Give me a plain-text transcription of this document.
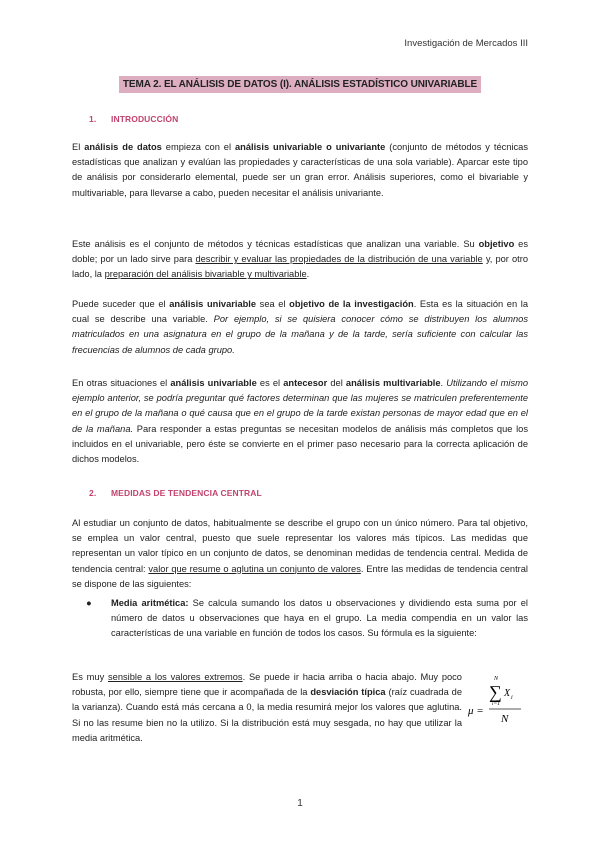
Investigación de Mercados III
TEMA 2. EL ANÁLISIS DE DATOS (I). ANÁLISIS ESTADÍSTICO UNIVARIABLE
1. INTRODUCCIÓN
El análisis de datos empieza con el análisis univariable o univariante (conjunto de métodos y técnicas estadísticas que analizan y evalúan las propiedades y características de una sola variable). Aparcar este tipo de análisis por considerarlo elemental, puede ser un gran error. Análisis superiores, como el bivariable y multivariable, para llevarse a cabo, pueden necesitar el análisis univariante.
Este análisis es el conjunto de métodos y técnicas estadísticas que analizan una variable. Su objetivo es doble; por un lado sirve para describir y evaluar las propiedades de la distribución de una variable y, por otro lado, la preparación del análisis bivariable y multivariable.
Puede suceder que el análisis univariable sea el objetivo de la investigación. Esta es la situación en la cual se describe una variable. Por ejemplo, si se quisiera conocer cómo se distribuyen los alumnos matriculados en una asignatura en el grupo de la mañana y de la tarde, sería suficiente con calcular las frecuencias de alumnos de cada grupo.
En otras situaciones el análisis univariable es el antecesor del análisis multivariable. Utilizando el mismo ejemplo anterior, se podría preguntar qué factores determinan que las mujeres se matriculen preferentemente en el grupo de la mañana o qué causa que en el grupo de la tarde existan personas de mayor edad que en el de la mañana. Para responder a estas preguntas se necesitan modelos de análisis más completos que los incluidos en el univariable, pero éste se convierte en el primer paso necesario para la correcta aplicación de dichos modelos.
2. MEDIDAS DE TENDENCIA CENTRAL
Al estudiar un conjunto de datos, habitualmente se describe el grupo con un único número. Para tal objetivo, se emplea un valor central, puesto que suele representar los valores más típicos. Las medidas que representan un valor típico en un conjunto de datos, se denominan medidas de tendencia central. Medida de tendencia central: valor que resume o aglutina un conjunto de valores. Entre las medidas de tendencia central se dispone de las siguientes:
● Media aritmética: Se calcula sumando los datos u observaciones y dividiendo esta suma por el número de datos u observaciones que haya en el grupo. La media compendia en un valor las características de una variable en función de todos los casos. Su fórmula es la siguiente:
Es muy sensible a los valores extremos. Se puede ir hacia arriba o hacia abajo. Muy poco robusta, por ello, siempre tiene que ir acompañada de la desviación típica (raíz cuadrada de la varianza). Cuando está más cercana a 0, la media resumirá mejor los valores que aglutina. Si no las resume bien no la utilizo. Si la distribución está muy sesgada, no hay que utilizar la media aritmética.
μ =
N
∑
i=1
X i
N
1
